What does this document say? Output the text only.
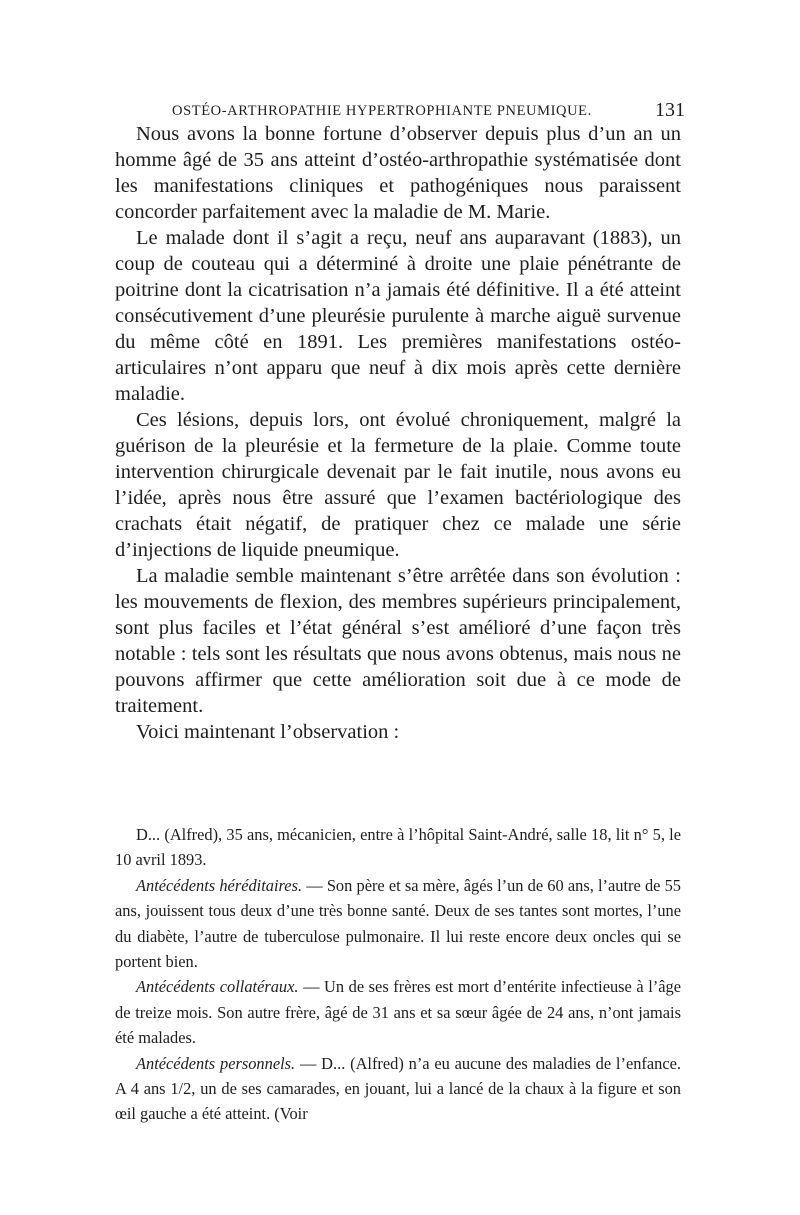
OSTÉO-ARTHROPATHIE HYPERTROPHIANTE PNEUMIQUE.	131

Nous avons la bonne fortune d’observer depuis plus d’un an un homme âgé de 35 ans atteint d’ostéo-arthropathie systématisée dont les manifestations cliniques et pathogéniques nous paraissent concorder parfaitement avec la maladie de M. Marie.

Le malade dont il s’agit a reçu, neuf ans auparavant (1883), un coup de couteau qui a déterminé à droite une plaie pénétrante de poitrine dont la cicatrisation n’a jamais été définitive. Il a été atteint consécutivement d’une pleurésie purulente à marche aiguë survenue du même côté en 1891. Les premières manifestations ostéo-articulaires n’ont apparu que neuf à dix mois après cette dernière maladie.

Ces lésions, depuis lors, ont évolué chroniquement, malgré la guérison de la pleurésie et la fermeture de la plaie. Comme toute intervention chirurgicale devenait par le fait inutile, nous avons eu l’idée, après nous être assuré que l’examen bactériologique des crachats était négatif, de pratiquer chez ce malade une série d’injections de liquide pneumique.

La maladie semble maintenant s’être arrêtée dans son évolution : les mouvements de flexion, des membres supérieurs principalement, sont plus faciles et l’état général s’est amélioré d’une façon très notable : tels sont les résultats que nous avons obtenus, mais nous ne pouvons affirmer que cette amélioration soit due à ce mode de traitement.

Voici maintenant l’observation :

D... (Alfred), 35 ans, mécanicien, entre à l’hôpital Saint-André, salle 18, lit n° 5, le 10 avril 1893.

Antécédents héréditaires. — Son père et sa mère, âgés l’un de 60 ans, l’autre de 55 ans, jouissent tous deux d’une très bonne santé. Deux de ses tantes sont mortes, l’une du diabète, l’autre de tuberculose pulmonaire. Il lui reste encore deux oncles qui se portent bien.

Antécédents collatéraux. — Un de ses frères est mort d’entérite infectieuse à l’âge de treize mois. Son autre frère, âgé de 31 ans et sa sœur âgée de 24 ans, n’ont jamais été malades.

Antécédents personnels. — D... (Alfred) n’a eu aucune des maladies de l’enfance. A 4 ans 1/2, un de ses camarades, en jouant, lui a lancé de la chaux à la figure et son œil gauche a été atteint. (Voir
